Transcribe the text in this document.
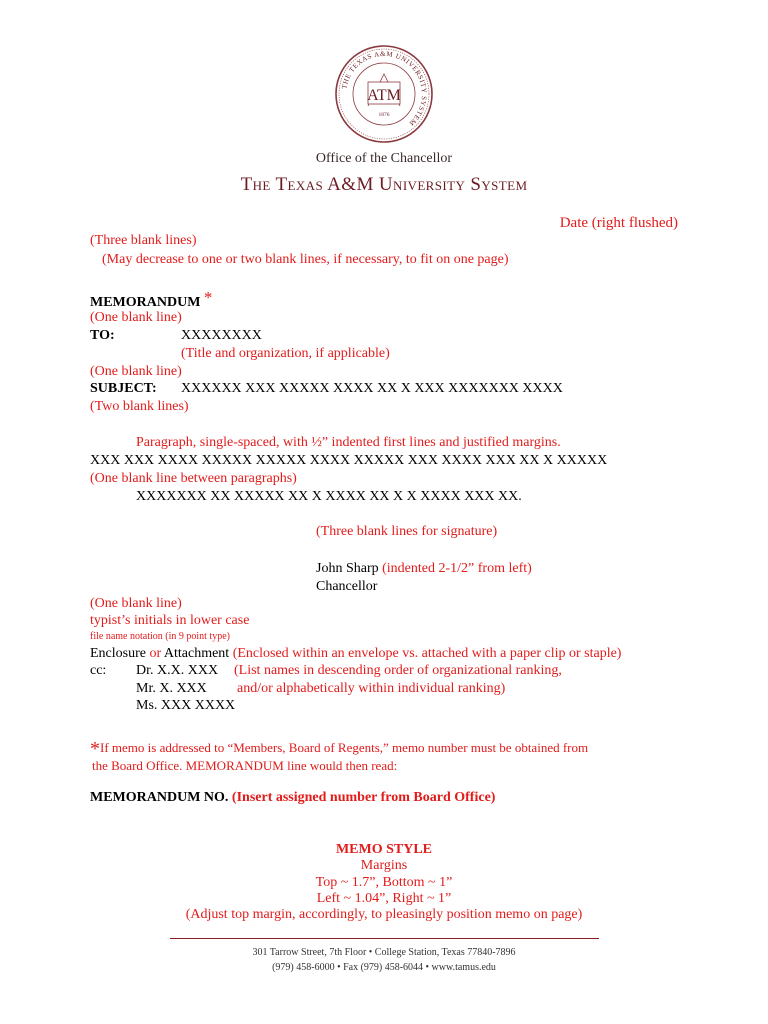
THE TEXAS A&M UNIVERSITY SYSTEM
ATM
1876
Office of the Chancellor
The Texas A&M University System
Date (right flushed)
(Three blank lines)
(May decrease to one or two blank lines, if necessary, to fit on one page)
MEMORANDUM *
(One blank line)
TO:	XXXXXXXX
(Title and organization, if applicable)
(One blank line)
SUBJECT: XXXXXX XXX XXXXX XXXX XX X XXX XXXXXXX XXXX
(Two blank lines)
Paragraph, single-spaced, with ½” indented first lines and justified margins.
XXX XXX XXXX XXXXX XXXXX XXXX XXXXX XXX XXXX XXX XX X XXXXX
(One blank line between paragraphs)
XXXXXXX XX XXXXX XX X XXXX XX X X XXXX XXX XX.
(Three blank lines for signature)
John Sharp (indented 2-1/2” from left)
Chancellor
(One blank line)
typist’s initials in lower case
file name notation (in 9 point type)
Enclosure or Attachment (Enclosed within an envelope vs. attached with a paper clip or staple)
cc: Dr. X.X. XXX (List names in descending order of organizational ranking,
Mr. X. XXX and/or alphabetically within individual ranking)
Ms. XXX XXXX
*If memo is addressed to “Members, Board of Regents,” memo number must be obtained from
the Board Office. MEMORANDUM line would then read:
MEMORANDUM NO. (Insert assigned number from Board Office)
MEMO STYLE
Margins
Top ~ 1.7”, Bottom ~ 1”
Left ~ 1.04”, Right ~ 1”
(Adjust top margin, accordingly, to pleasingly position memo on page)
301 Tarrow Street, 7th Floor • College Station, Texas 77840-7896
(979) 458-6000 • Fax (979) 458-6044 • www.tamus.edu
